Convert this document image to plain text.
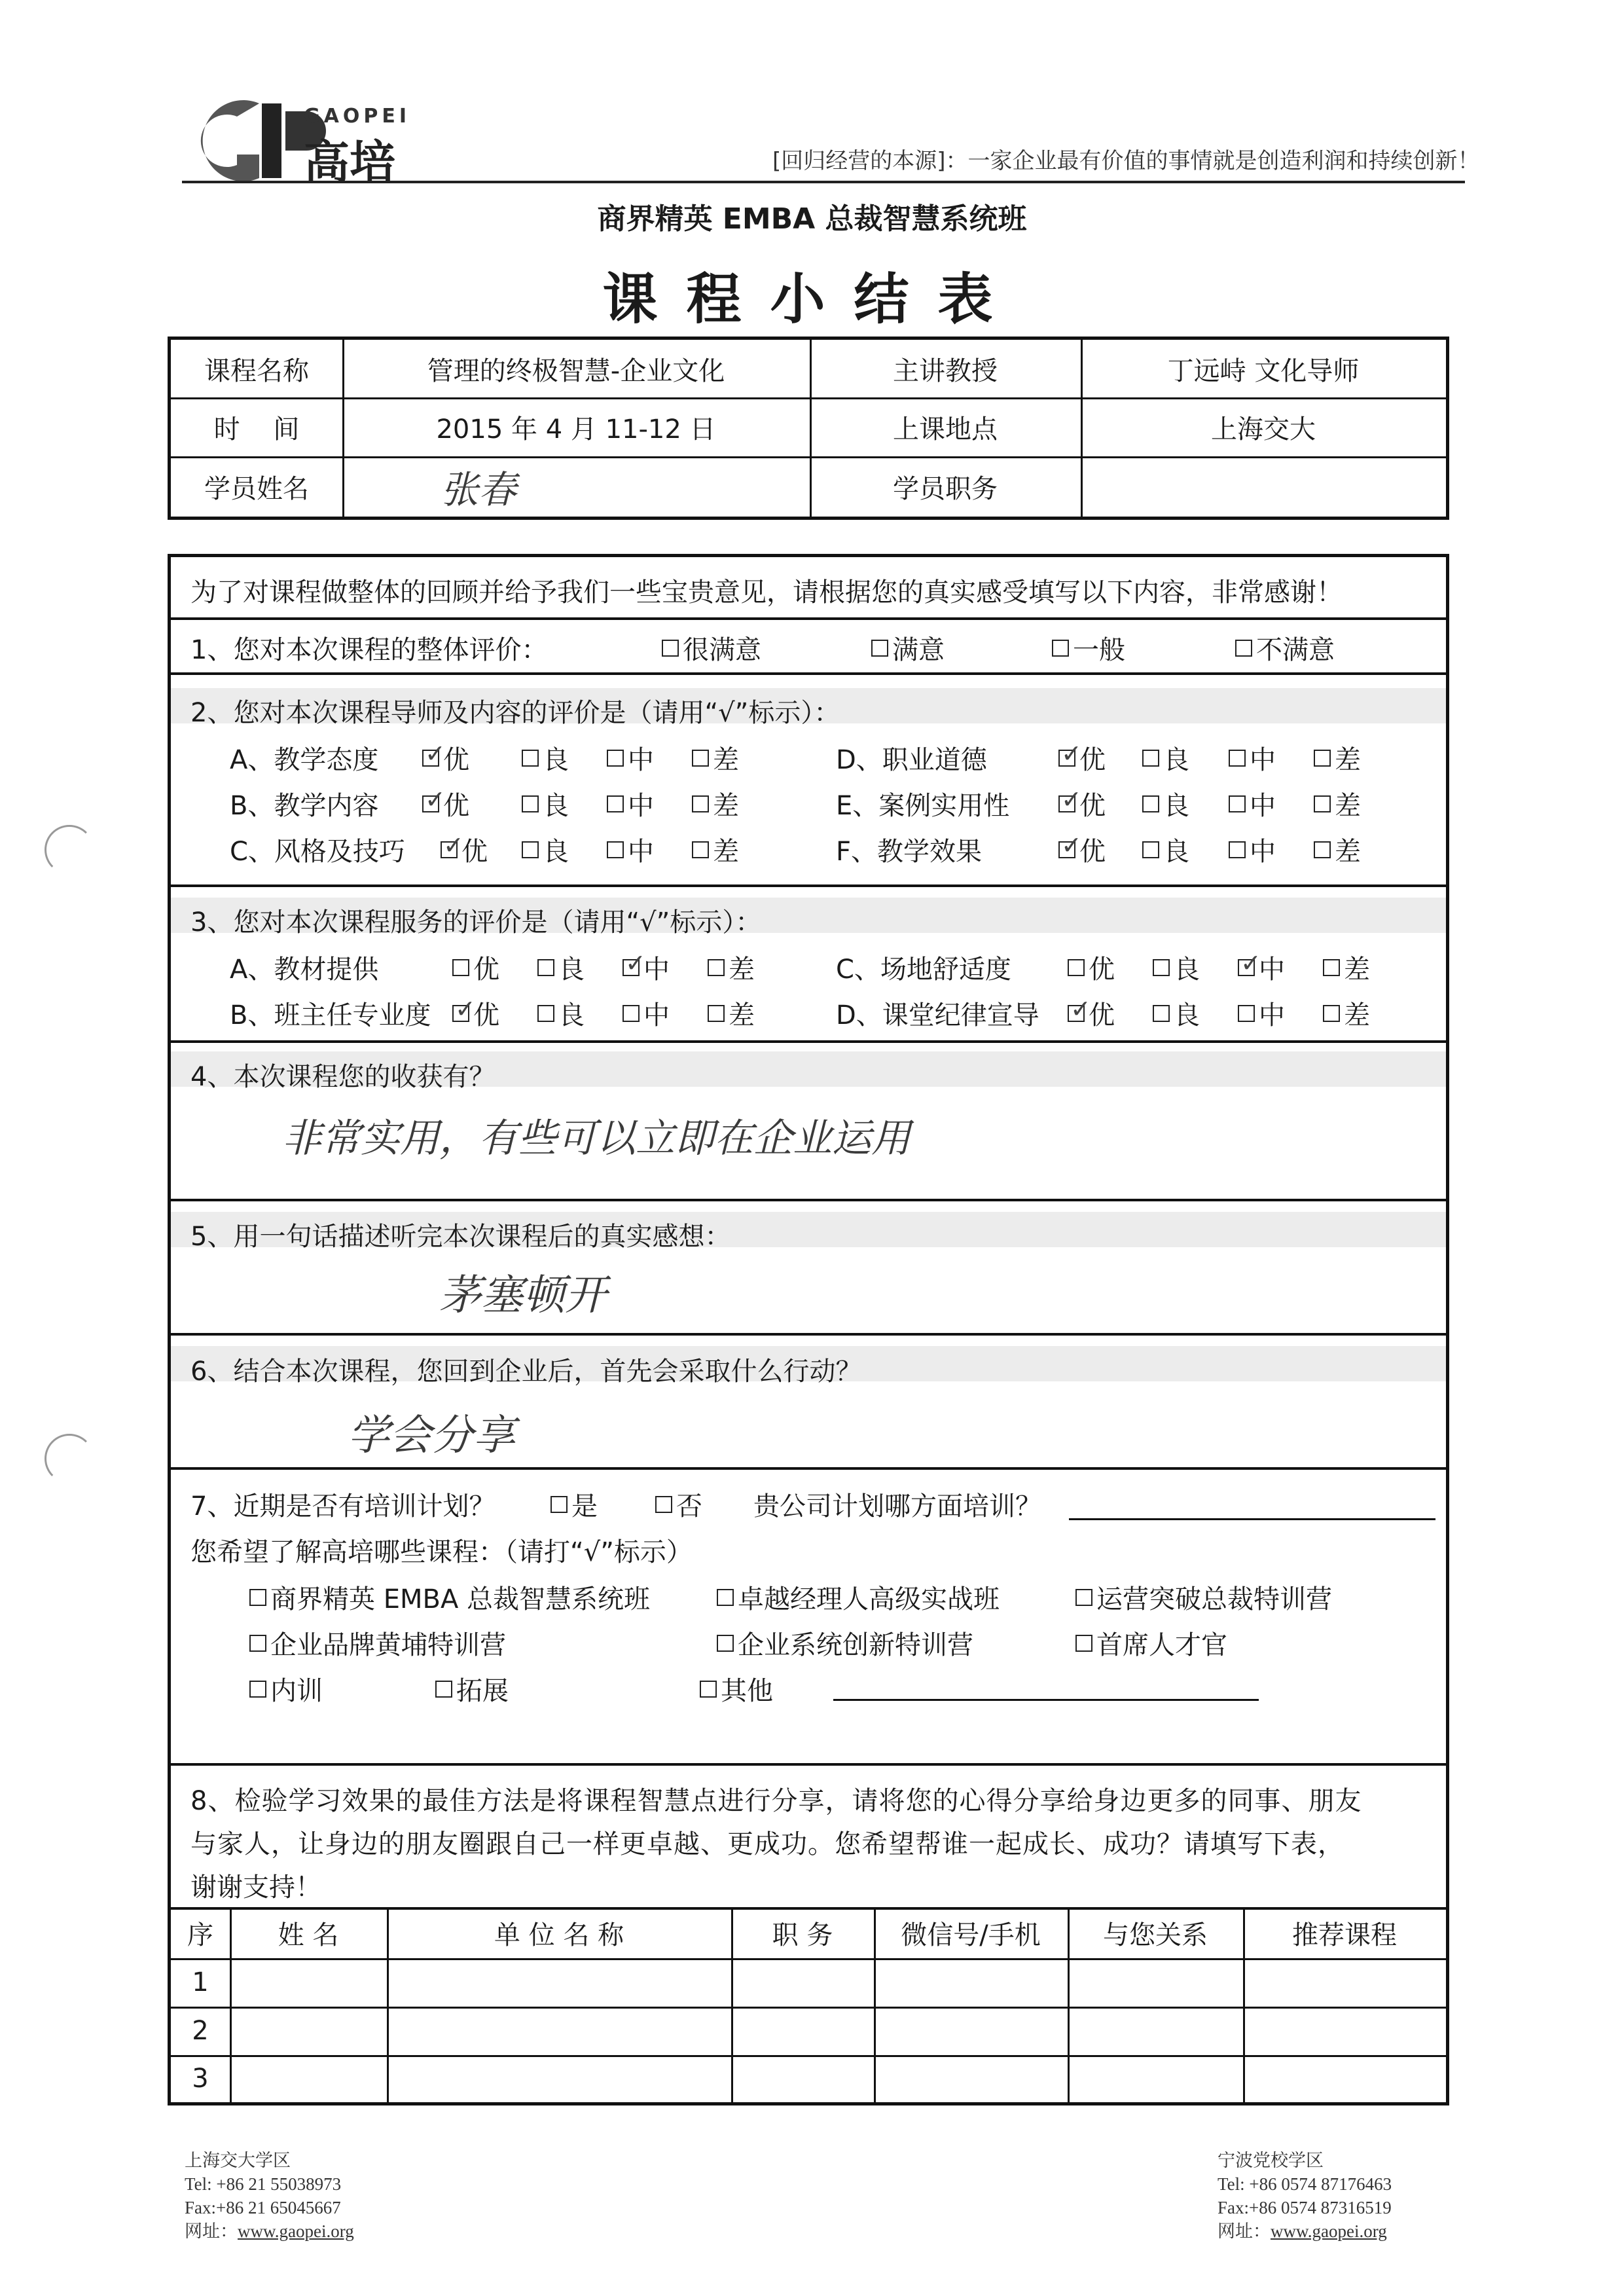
GAOPEI
高培	[回归经营的本源]：一家企业最有价值的事情就是创造利润和持续创新！
商界精英 EMBA 总裁智慧系统班
课程小结表
课程名称	管理的终极智慧-企业文化	主讲教授	丁远峙 文化导师
时    间	2015 年 4 月 11-12 日	上课地点	上海交大
学员姓名	张春	学员职务
为了对课程做整体的回顾并给予我们一些宝贵意见，请根据您的真实感受填写以下内容，非常感谢！
1、您对本次课程的整体评价：	很满意	满意	一般	不满意
2、您对本次课程导师及内容的评价是（请用“√”标示）：
A、教学态度 ✓ 优	良 中 差	D、职业道德 ✓	优 良 中 差
B、教学内容 ✓ 优	良 中 差	E、案例实用性 ✓	优 良 中 差
C、风格及技巧 ✓ 优 良 中 差	F、教学效果 ✓	优 良 中 差
3、您对本次课程服务的评价是（请用“√”标示）：
A、教材提供	优 良 ✓ 中 差	C、场地舒适度	优 良 ✓ 中 差
B、班主任专业度 ✓ 优 良 中 差	D、课堂纪律宣导 ✓ 优 良 中 差
4、本次课程您的收获有？
非常实用，有些可以立即在企业运用
5、用一句话描述听完本次课程后的真实感想：
茅塞顿开
6、结合本次课程，您回到企业后，首先会采取什么行动？
学会分享
7、近期是否有培训计划？	是	否 贵公司计划哪方面培训？
您希望了解高培哪些课程：（请打“√”标示）
商界精英 EMBA 总裁智慧系统班	卓越经理人高级实战班	运营突破总裁特训营
企业品牌黄埔特训营	企业系统创新特训营	首席人才官
内训	拓展	其他
8、检验学习效果的最佳方法是将课程智慧点进行分享，请将您的心得分享给身边更多的同事、朋友
与家人，让身边的朋友圈跟自己一样更卓越、更成功。您希望帮谁一起成长、成功？请填写下表，
谢谢支持！
序	姓 名	单 位 名 称	职 务	微信号/手机	与您关系	推荐课程
1
2
3
上海交大学区
Tel: +86 21 55038973
Fax:+86 21 65045667
网址：www.gaopei.org
宁波党校学区
Tel: +86 0574 87176463
Fax:+86 0574 87316519
网址：www.gaopei.org
